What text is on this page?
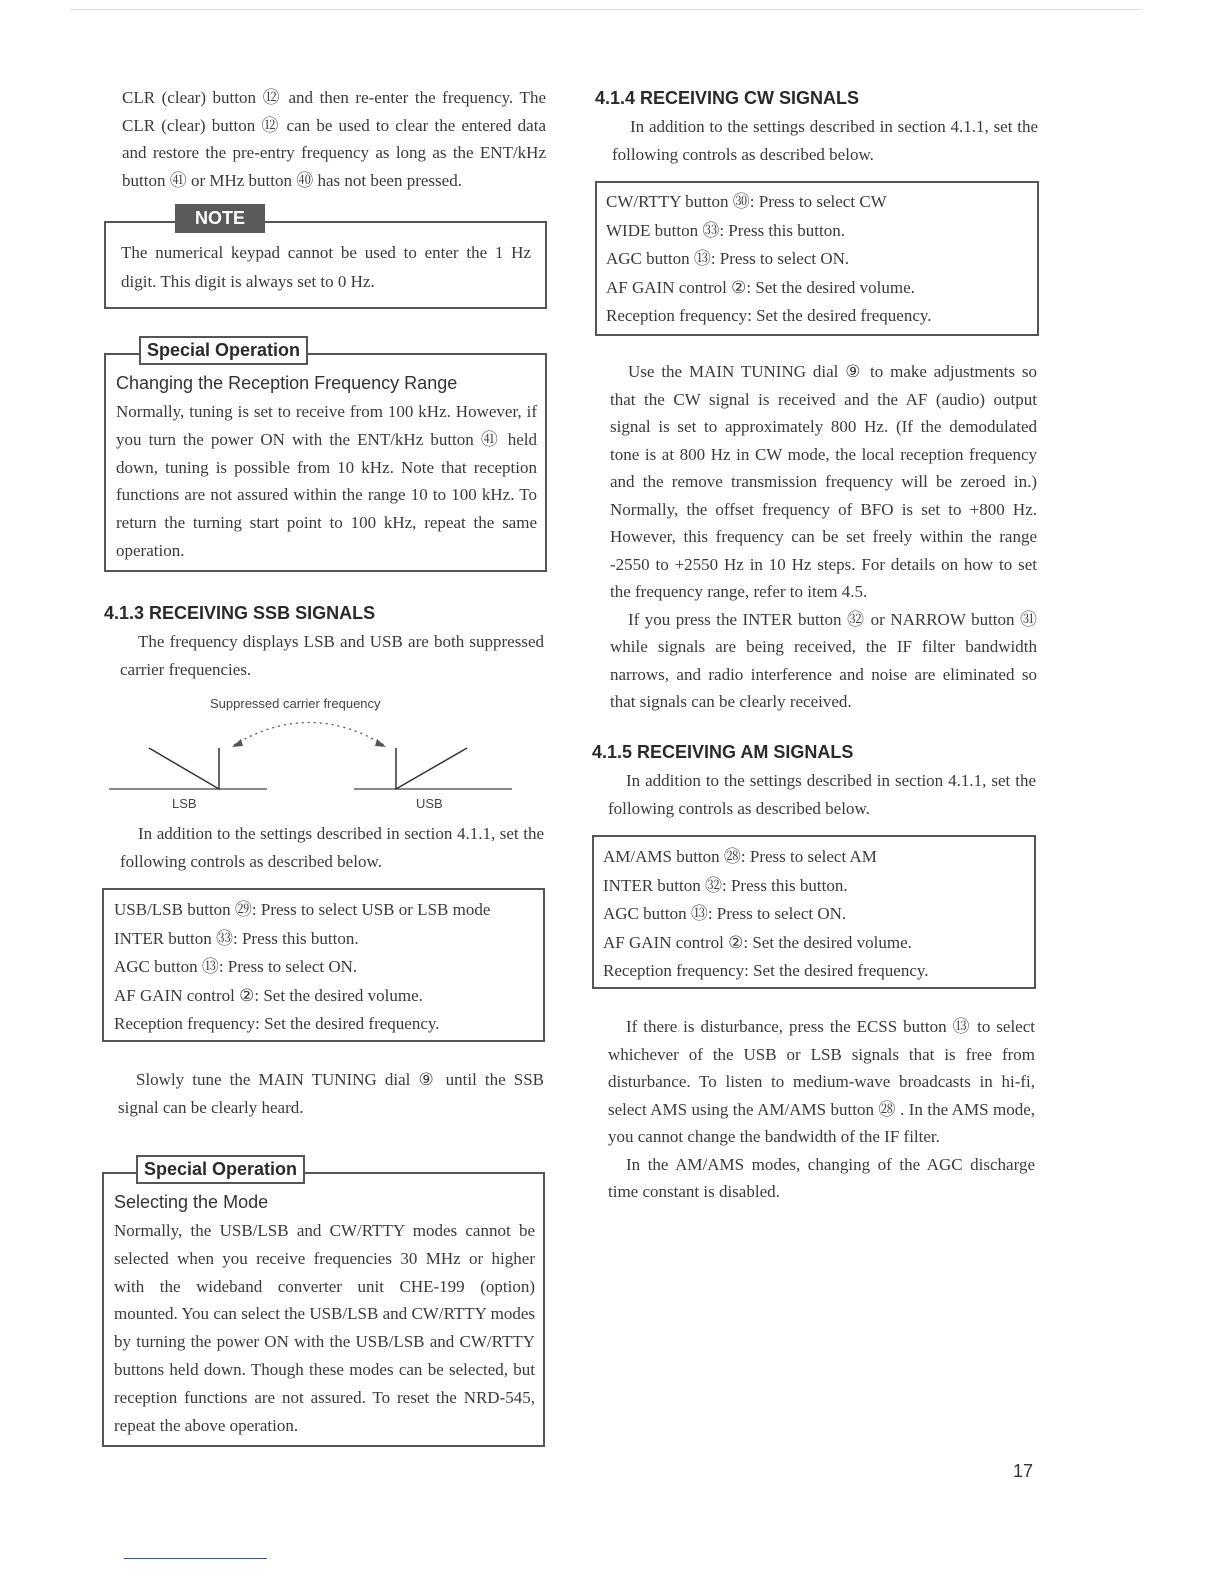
CLR (clear) button ⑫ and then re-enter the frequency. The CLR (clear) button ⑫ can be used to clear the entered data and restore the pre-entry frequency as long as the ENT/kHz button ㊶ or MHz button ㊵ has not been pressed.

The numerical keypad cannot be used to enter the 1 Hz digit. This digit is always set to 0 Hz.

NOTE
Changing the Reception Frequency Range

Normally, tuning is set to receive from 100 kHz. However, if you turn the power ON with the ENT/kHz button ㊶ held down, tuning is possible from 10 kHz. Note that reception functions are not assured within the range 10 to 100 kHz. To return the turning start point to 100 kHz, repeat the same operation.

Special Operation
4.1.3 RECEIVING SSB SIGNALS

The frequency displays LSB and USB are both suppressed carrier frequencies.

Suppressed carrier frequency
LSB	USB

In addition to the settings described in section 4.1.1, set the following controls as described below.

USB/LSB button ㉙: Press to select USB or LSB mode

INTER button ㉝: Press this button.

AGC button ⑬: Press to select ON.

AF GAIN control ②: Set the desired volume.

Reception frequency: Set the desired frequency.

Slowly tune the MAIN TUNING dial ⑨ until the SSB signal can be clearly heard.

Selecting the Mode

Normally, the USB/LSB and CW/RTTY modes cannot be selected when you receive frequencies 30 MHz or higher with the wideband converter unit CHE-199 (option) mounted. You can select the USB/LSB and CW/RTTY modes by turning the power ON with the USB/LSB and CW/RTTY buttons held down. Though these modes can be selected, but reception functions are not assured. To reset the NRD-545, repeat the above operation.

Special Operation
4.1.4 RECEIVING CW SIGNALS

In addition to the settings described in section 4.1.1, set the following controls as described below.

CW/RTTY button ㉚: Press to select CW

WIDE button ㉝: Press this button.

AGC button ⑬: Press to select ON.

AF GAIN control ②: Set the desired volume.

Reception frequency: Set the desired frequency.

Use the MAIN TUNING dial ⑨ to make adjustments so that the CW signal is received and the AF (audio) output signal is set to approximately 800 Hz. (If the demodulated tone is at 800 Hz in CW mode, the local reception frequency and the remove transmission frequency will be zeroed in.) Normally, the offset frequency of BFO is set to +800 Hz. However, this frequency can be set freely within the range -2550 to +2550 Hz in 10 Hz steps. For details on how to set the frequency range, refer to item 4.5.

If you press the INTER button ㉜ or NARROW button ㉛ while signals are being received, the IF filter bandwidth narrows, and radio interference and noise are eliminated so that signals can be clearly received.

4.1.5 RECEIVING AM SIGNALS

In addition to the settings described in section 4.1.1, set the following controls as described below.

AM/AMS button ㉘: Press to select AM

INTER button ㉜: Press this button.

AGC button ⑬: Press to select ON.

AF GAIN control ②: Set the desired volume.

Reception frequency: Set the desired frequency.

If there is disturbance, press the ECSS button ⑬ to select whichever of the USB or LSB signals that is free from disturbance. To listen to medium-wave broadcasts in hi-fi, select AMS using the AM/AMS button ㉘ . In the AMS mode, you cannot change the bandwidth of the IF filter.

In the AM/AMS modes, changing of the AGC discharge time constant is disabled.

17
